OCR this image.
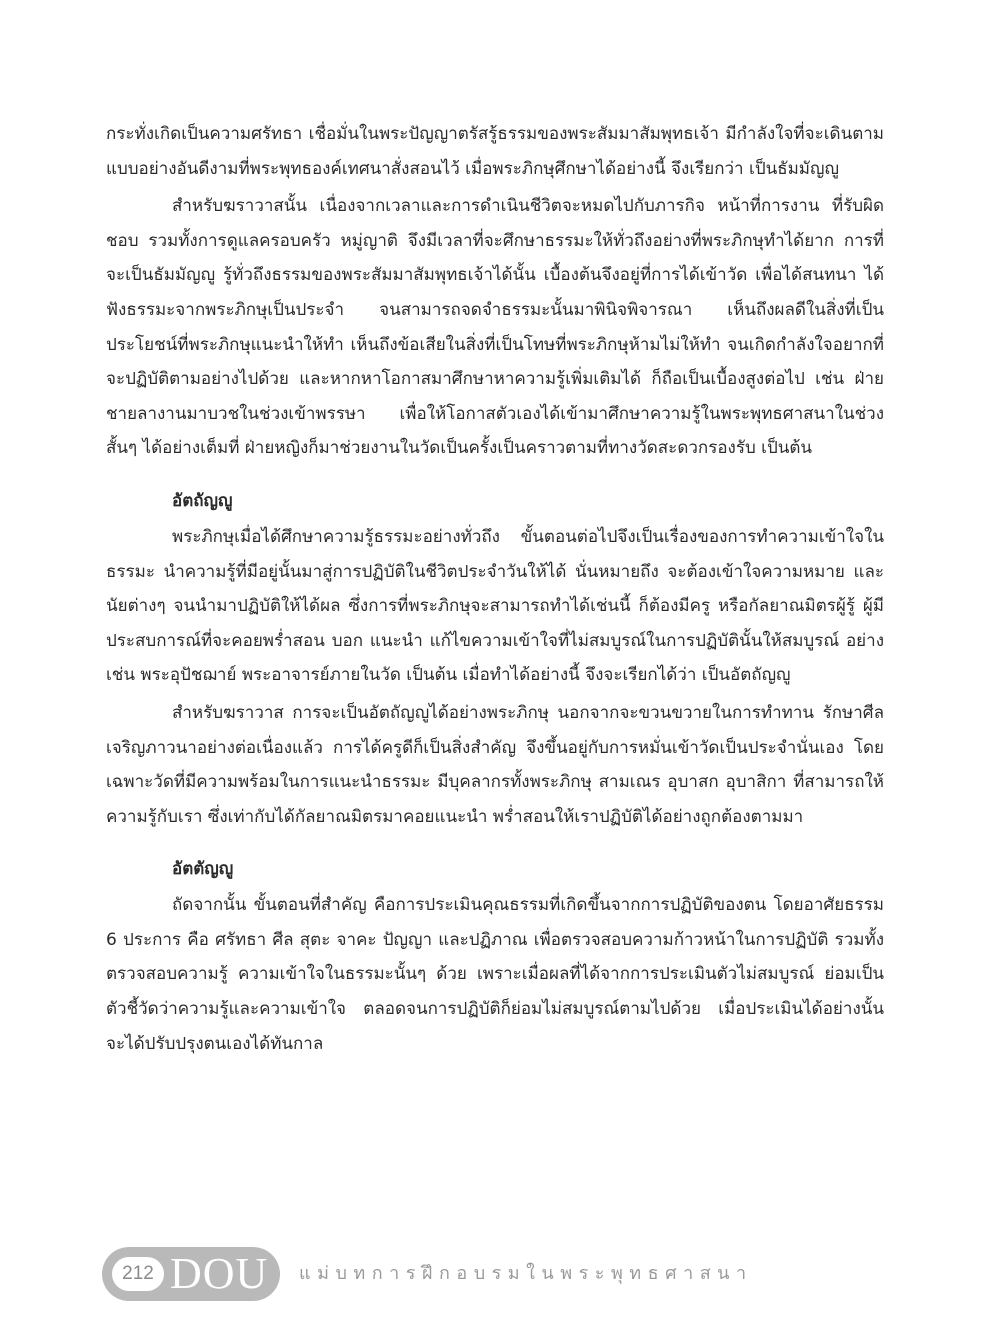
กระทั่งเกิดเป็นความศรัทธา เชื่อมั่นในพระปัญญาตรัสรู้ธรรมของพระสัมมาสัมพุทธเจ้า มีกำลังใจที่จะเดินตามแบบอย่างอันดีงามที่พระพุทธองค์เทศนาสั่งสอนไว้ เมื่อพระภิกษุศึกษาได้อย่างนี้ จึงเรียกว่า เป็นธัมมัญญู

สำหรับฆราวาสนั้น เนื่องจากเวลาและการดำเนินชีวิตจะหมดไปกับภารกิจ หน้าที่การงาน ที่รับผิดชอบ รวมทั้งการดูแลครอบครัว หมู่ญาติ จึงมีเวลาที่จะศึกษาธรรมะให้ทั่วถึงอย่างที่พระภิกษุทำได้ยาก การที่จะเป็นธัมมัญญู รู้ทั่วถึงธรรมของพระสัมมาสัมพุทธเจ้าได้นั้น เบื้องต้นจึงอยู่ที่การได้เข้าวัด เพื่อได้สนทนา ได้ฟังธรรมะจากพระภิกษุเป็นประจำ จนสามารถจดจำธรรมะนั้นมาพินิจพิจารณา เห็นถึงผลดีในสิ่งที่เป็นประโยชน์ที่พระภิกษุแนะนำให้ทำ เห็นถึงข้อเสียในสิ่งที่เป็นโทษที่พระภิกษุห้ามไม่ให้ทำ จนเกิดกำลังใจอยากที่จะปฏิบัติตามอย่างไปด้วย และหากหาโอกาสมาศึกษาหาความรู้เพิ่มเติมได้ ก็ถือเป็นเบื้องสูงต่อไป เช่น ฝ่ายชายลางานมาบวชในช่วงเข้าพรรษา เพื่อให้โอกาสตัวเองได้เข้ามาศึกษาความรู้ในพระพุทธศาสนาในช่วงสั้นๆ ได้อย่างเต็มที่ ฝ่ายหญิงก็มาช่วยงานในวัดเป็นครั้งเป็นคราวตามที่ทางวัดสะดวกรองรับ เป็นต้น

อัตถัญญู

พระภิกษุเมื่อได้ศึกษาความรู้ธรรมะอย่างทั่วถึง ขั้นตอนต่อไปจึงเป็นเรื่องของการทำความเข้าใจในธรรมะ นำความรู้ที่มีอยู่นั้นมาสู่การปฏิบัติในชีวิตประจำวันให้ได้ นั่นหมายถึง จะต้องเข้าใจความหมาย และนัยต่างๆ จนนำมาปฏิบัติให้ได้ผล ซึ่งการที่พระภิกษุจะสามารถทำได้เช่นนี้ ก็ต้องมีครู หรือกัลยาณมิตรผู้รู้ ผู้มีประสบการณ์ที่จะคอยพร่ำสอน บอก แนะนำ แก้ไขความเข้าใจที่ไม่สมบูรณ์ในการปฏิบัตินั้นให้สมบูรณ์ อย่างเช่น พระอุปัชฌาย์ พระอาจารย์ภายในวัด เป็นต้น เมื่อทำได้อย่างนี้ จึงจะเรียกได้ว่า เป็นอัตถัญญู

สำหรับฆราวาส การจะเป็นอัตถัญญูได้อย่างพระภิกษุ นอกจากจะขวนขวายในการทำทาน รักษาศีล เจริญภาวนาอย่างต่อเนื่องแล้ว การได้ครูดีก็เป็นสิ่งสำคัญ จึงขึ้นอยู่กับการหมั่นเข้าวัดเป็นประจำนั่นเอง โดยเฉพาะวัดที่มีความพร้อมในการแนะนำธรรมะ มีบุคลากรทั้งพระภิกษุ สามเณร อุบาสก อุบาสิกา ที่สามารถให้ความรู้กับเรา ซึ่งเท่ากับได้กัลยาณมิตรมาคอยแนะนำ พร่ำสอนให้เราปฏิบัติได้อย่างถูกต้องตามมา

อัตตัญญู

ถัดจากนั้น ขั้นตอนที่สำคัญ คือการประเมินคุณธรรมที่เกิดขึ้นจากการปฏิบัติของตน โดยอาศัยธรรม 6 ประการ คือ ศรัทธา ศีล สุตะ จาคะ ปัญญา และปฏิภาณ เพื่อตรวจสอบความก้าวหน้าในการปฏิบัติ รวมทั้งตรวจสอบความรู้ ความเข้าใจในธรรมะนั้นๆ ด้วย เพราะเมื่อผลที่ได้จากการประเมินตัวไม่สมบูรณ์ ย่อมเป็นตัวชี้วัดว่าความรู้และความเข้าใจ ตลอดจนการปฏิบัติก็ย่อมไม่สมบูรณ์ตามไปด้วย เมื่อประเมินได้อย่างนั้น จะได้ปรับปรุงตนเองได้ทันกาล

212 DOU แม่บทการฝึกอบรมในพระพุทธศาสนา
